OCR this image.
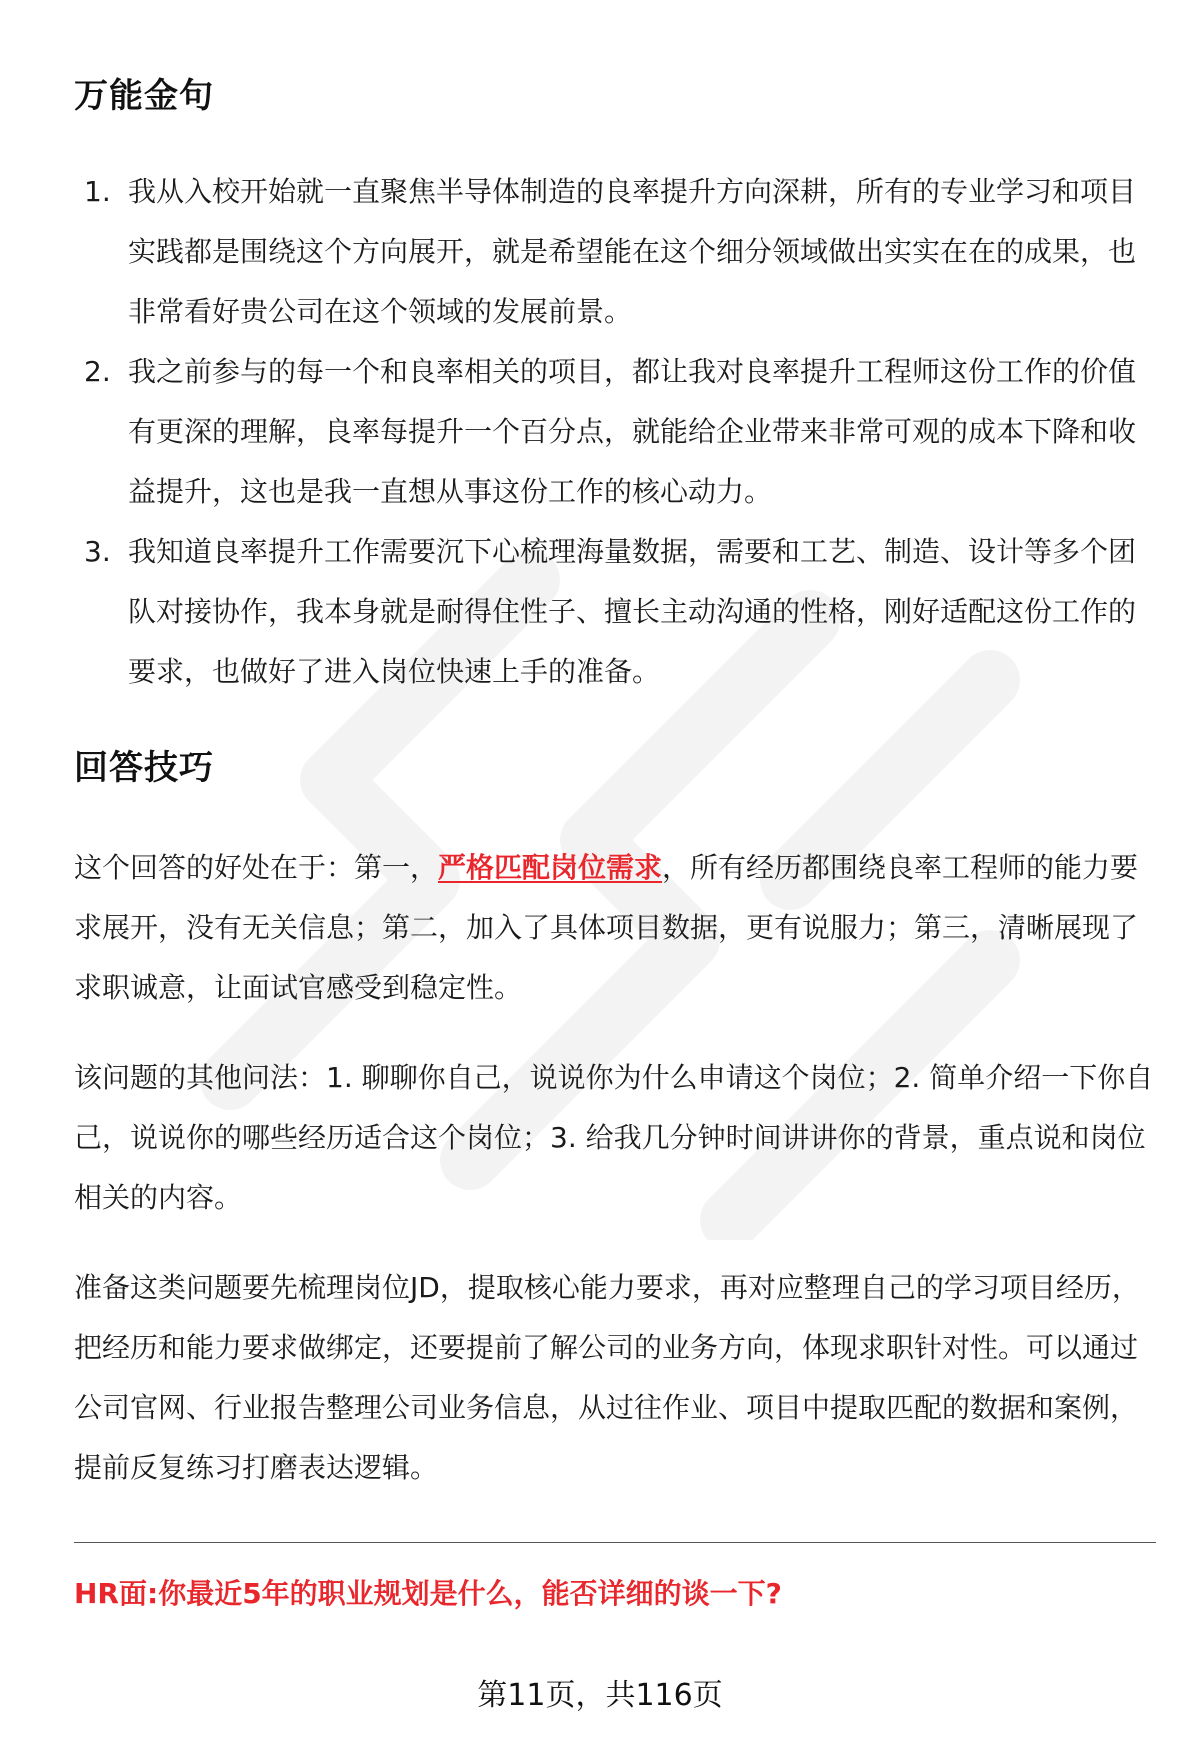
万能金句
1. 我从入校开始就一直聚焦半导体制造的良率提升方向深耕，所有的专业学习和项目实践都是围绕这个方向展开，就是希望能在这个细分领域做出实实在在的成果，也非常看好贵公司在这个领域的发展前景。
2. 我之前参与的每一个和良率相关的项目，都让我对良率提升工程师这份工作的价值有更深的理解，良率每提升一个百分点，就能给企业带来非常可观的成本下降和收益提升，这也是我一直想从事这份工作的核心动力。
3. 我知道良率提升工作需要沉下心梳理海量数据，需要和工艺、制造、设计等多个团队对接协作，我本身就是耐得住性子、擅长主动沟通的性格，刚好适配这份工作的要求，也做好了进入岗位快速上手的准备。
回答技巧

这个回答的好处在于：第一，严格匹配岗位需求，所有经历都围绕良率工程师的能力要求展开，没有无关信息；第二，加入了具体项目数据，更有说服力；第三，清晰展现了求职诚意，让面试官感受到稳定性。

该问题的其他问法：1. 聊聊你自己，说说你为什么申请这个岗位；2. 简单介绍一下你自己，说说你的哪些经历适合这个岗位；3. 给我几分钟时间讲讲你的背景，重点说和岗位相关的内容。

准备这类问题要先梳理岗位JD，提取核心能力要求，再对应整理自己的学习项目经历，把经历和能力要求做绑定，还要提前了解公司的业务方向，体现求职针对性。可以通过公司官网、行业报告整理公司业务信息，从过往作业、项目中提取匹配的数据和案例，提前反复练习打磨表达逻辑。

HR面:你最近5年的职业规划是什么，能否详细的谈一下?

第11页，共116页
